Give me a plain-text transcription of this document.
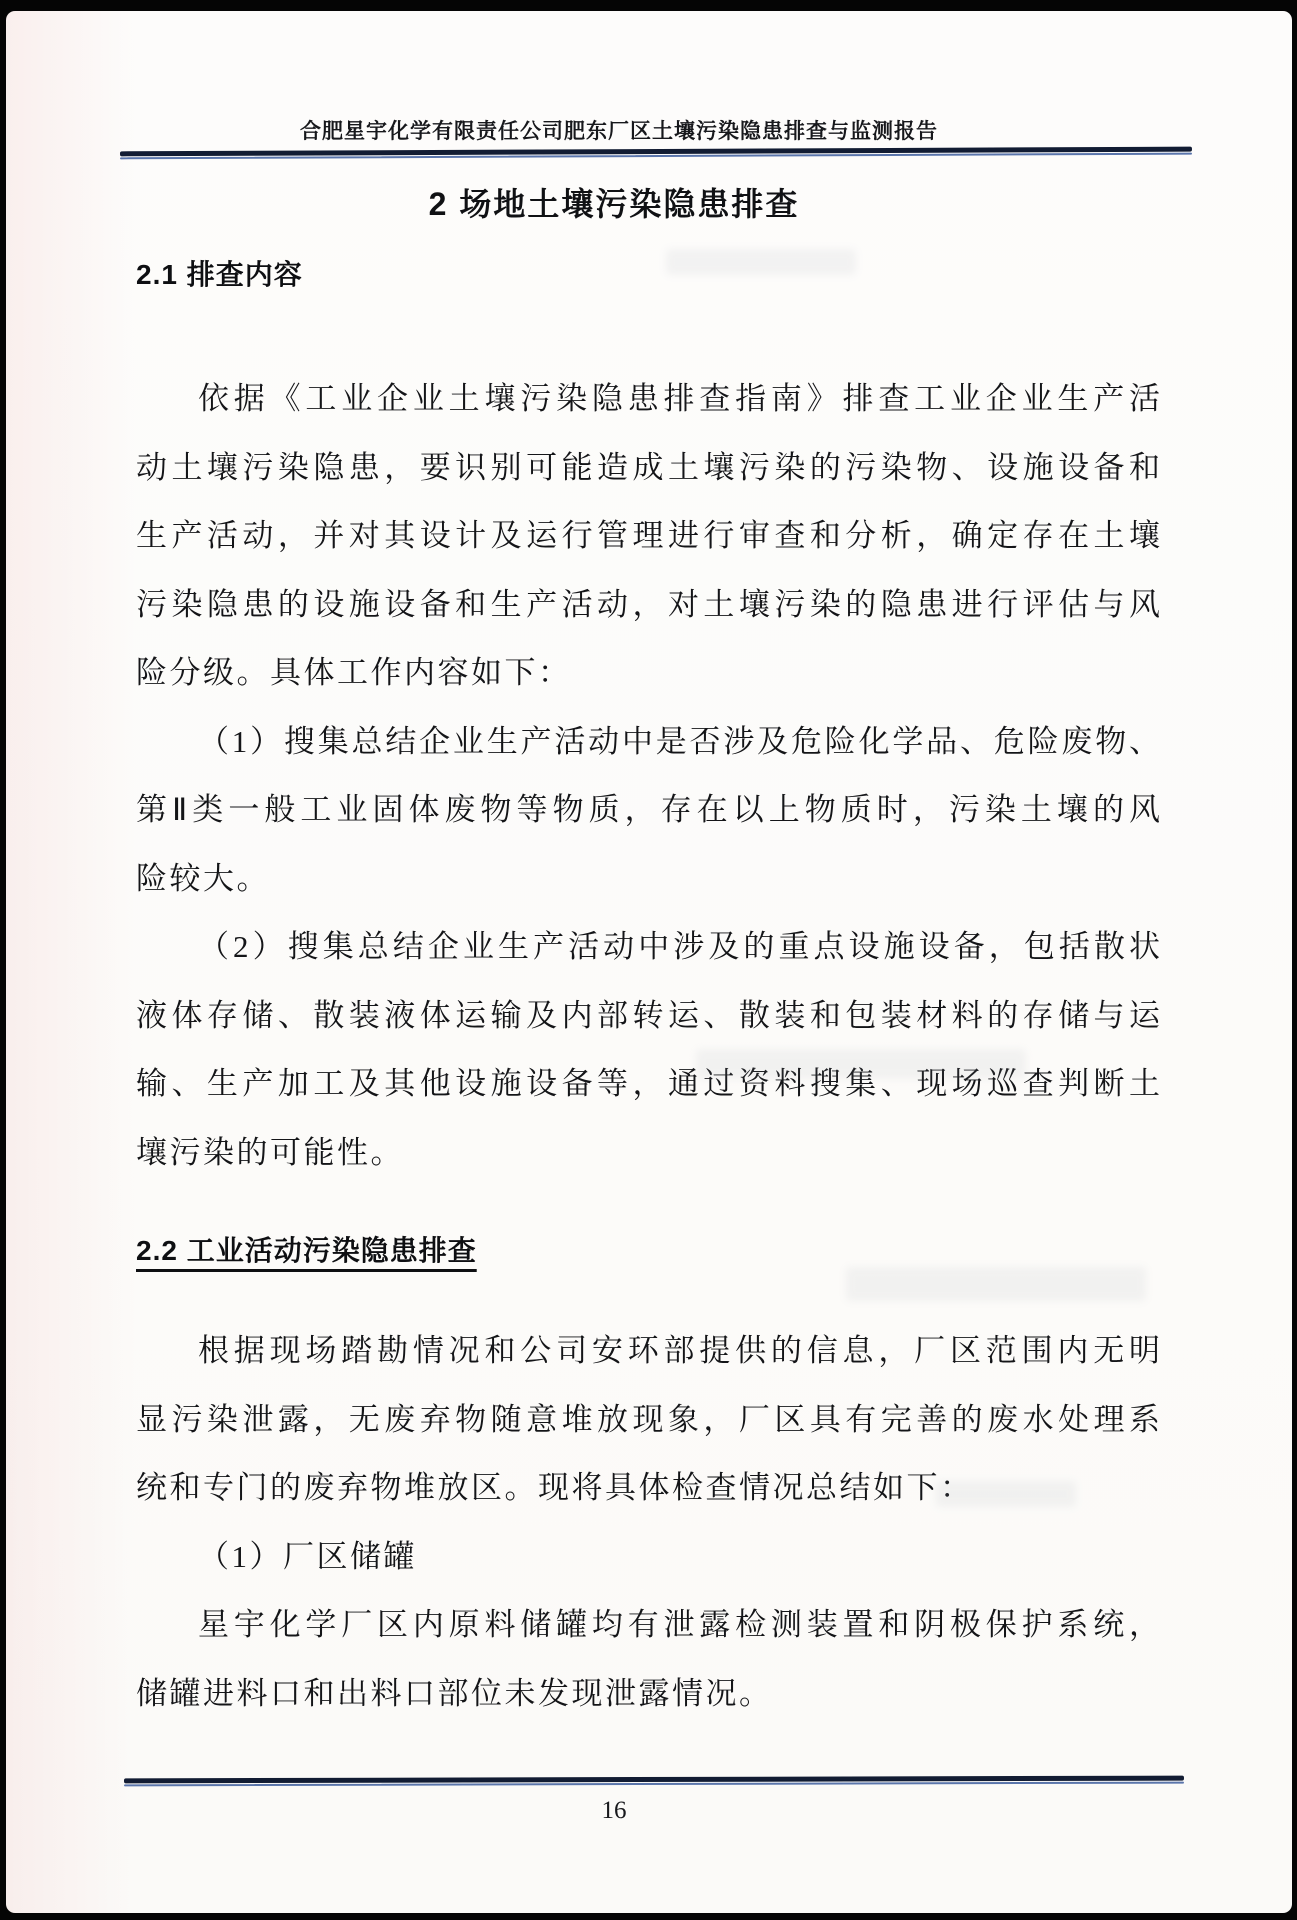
合肥星宇化学有限责任公司肥东厂区土壤污染隐患排查与监测报告
2 场地土壤污染隐患排查
2.1 排查内容
依据《工业企业土壤污染隐患排查指南》排查工业企业生产活
动土壤污染隐患，要识别可能造成土壤污染的污染物、设施设备和
生产活动，并对其设计及运行管理进行审查和分析，确定存在土壤
污染隐患的设施设备和生产活动，对土壤污染的隐患进行评估与风
险分级。具体工作内容如下：
（1）搜集总结企业生产活动中是否涉及危险化学品、危险废物、
第Ⅱ类一般工业固体废物等物质，存在以上物质时，污染土壤的风
险较大。
（2）搜集总结企业生产活动中涉及的重点设施设备，包括散状
液体存储、散装液体运输及内部转运、散装和包装材料的存储与运
输、生产加工及其他设施设备等，通过资料搜集、现场巡查判断土
壤污染的可能性。
2.2 工业活动污染隐患排查
根据现场踏勘情况和公司安环部提供的信息，厂区范围内无明
显污染泄露，无废弃物随意堆放现象，厂区具有完善的废水处理系
统和专门的废弃物堆放区。现将具体检查情况总结如下：
（1）厂区储罐
星宇化学厂区内原料储罐均有泄露检测装置和阴极保护系统，
储罐进料口和出料口部位未发现泄露情况。
16
